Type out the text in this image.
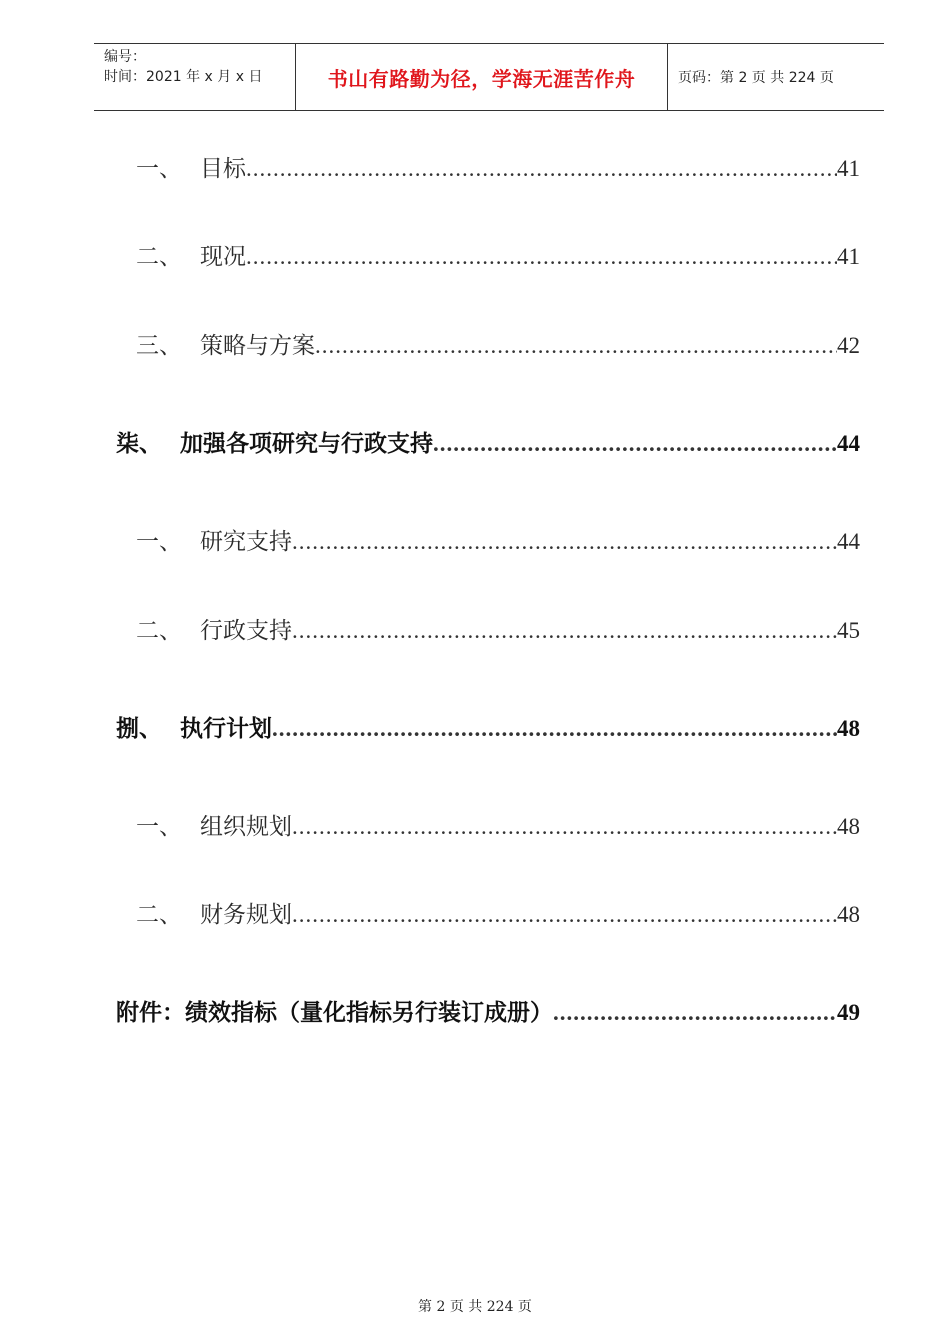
编号：
时间：2021 年 x 月 x 日	书山有路勤为径，学海无涯苦作舟	页码：第 2 页 共 224 页
一、 目标 .....	41
二、 现况 .....	41
三、 策略与方案 .....	42
柒、 加强各项研究与行政支持 .....	44
一、 研究支持 .....	44
二、 行政支持 .....	45
捌、 执行计划 .....	48
一、 组织规划 .....	48
二、 财务规划 .....	48
附件：绩效指标（量化指标另行装订成册） .....	49
第 2 页 共 224 页
